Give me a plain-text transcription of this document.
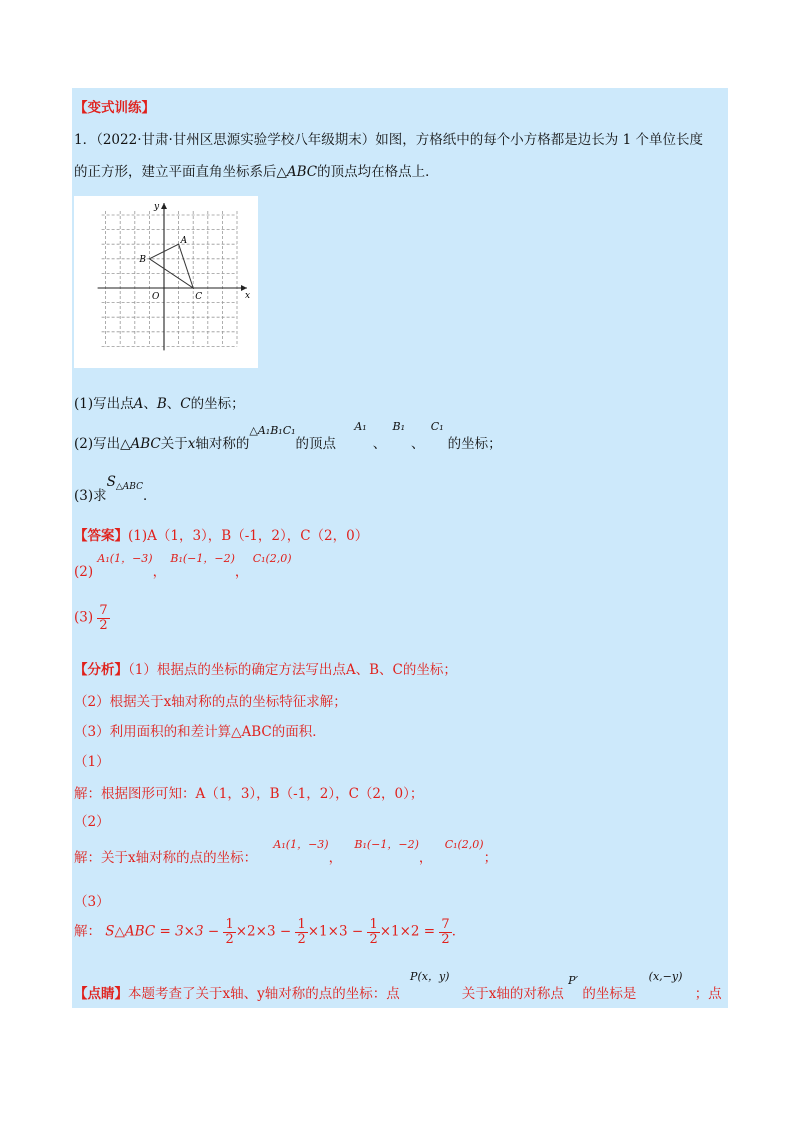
【变式训练】
1．（2022·甘肃·甘州区思源实验学校八年级期末）如图，方格纸中的每个小方格都是边长为 1 个单位长度
的正方形，建立平面直角坐标系后△ABC的顶点均在格点上．
x
y
O
A
B
C
(1)写出点A、B、C的坐标；
(2)写出△ABC关于x轴对称的$^{\triangle A_1B_1C_1}$的顶点 $^{A_1}$、 $^{B_1}$、 $^{C_1}$的坐标；
(3)求$S_{\triangle ABC}$．
【答案】(1)A（1，3），B（-1，2），C（2，0）
(2) $^{A_1(1,-3)}$， $^{B_1(-1,-2)}$， $^{C_1(2,0)}$
$(3) \frac{7}{2}$
【分析】（1）根据点的坐标的确定方法写出点A、B、C的坐标；
（2）根据关于x轴对称的点的坐标特征求解；
（3）利用面积的和差计算△ABC的面积．
（1）
解：根据图形可知：A（1，3），B（-1，2），C（2，0）；
（2）
解：关于x轴对称的点的坐标： $^{A_1(1,-3)}$， $^{B_1(-1,-2)}$， $^{C_1(2,0)}$；
（3）
解： S△ABC = $3\times 3 - \frac{1}{2} \times 2\times 3 - \frac{1}{2} \times 1\times 3 - \frac{1}{2} \times 1\times 2 = \frac{7}{2}$ ．
【点睛】本题考查了关于x轴、y轴对称的点的坐标：点 $^{P(x,y)}$ 关于x轴的对称点 $^{P'}$ 的坐标是 $^{(x,-y)}$ ；点
